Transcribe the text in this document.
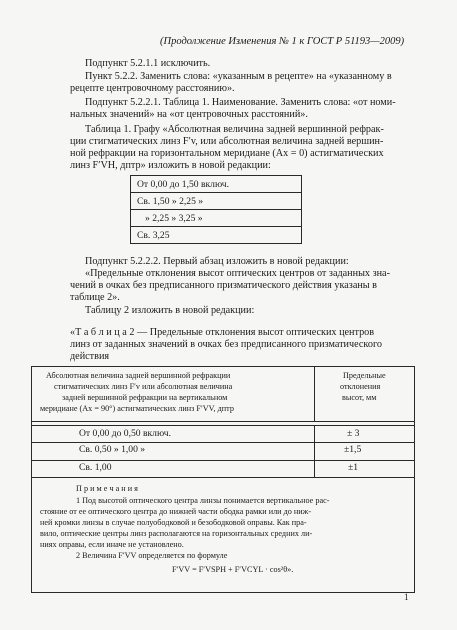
(Продолжение Изменения № 1 к ГОСТ Р 51193—2009)
Подпункт 5.2.1.1 исключить.
Пункт 5.2.2. Заменить слова: «указанным в рецепте» на «указанному в
рецепте центровочному расстоянию».
Подпункт 5.2.2.1. Таблица 1. Наименование. Заменить слова: «от номи-
нальных значений» на «от центровочных расстояний».
Таблица 1. Графу «Абсолютная величина задней вершинной рефрак-
ции стигматических линз F′v, или абсолютная величина задней вершин-
ной рефракции на горизонтальном меридиане (Ax = 0) астигматических
линз F′VH, дптр» изложить в новой редакции:
От 0,00 до 1,50 включ.
Св. 1,50 » 2,25 »
» 2,25 » 3,25 »
Св. 3,25
Подпункт 5.2.2.2. Первый абзац изложить в новой редакции:
«Предельные отклонения высот оптических центров от заданных зна-
чений в очках без предписанного призматического действия указаны в
таблице 2».
Таблицу 2 изложить в новой редакции:
«Т а б л и ц а 2 — Предельные отклонения высот оптических центров
линз от заданных значений в очках без предписанного призматического
действия
Абсолютная величина задней вершинной рефракции
стигматических линз F′v или абсолютная величина
задней вершинной рефракции на вертикальном
меридиане (Ax = 90°) астигматических линз F′VV, дптр
Предельные
отклонения
высот, мм
От 0,00 до 0,50 включ.	± 3
Св. 0,50 » 1,00 »	±1,5
Св. 1,00	±1
П р и м е ч а н и я
1 Под высотой оптического центра линзы понимается вертикальное рас-
стояние от ее оптического центра до нижней части ободка рамки или до ниж-
ней кромки линзы в случае полуободковой и безободковой оправы. Как пра-
вило, оптические центры линз располагаются на горизонтальных средних ли-
ниях оправы, если иначе не установлено.
2 Величина F′VV определяется по формуле
F′VV = F′VSPH + F′VCYL · cos²θ».
1
